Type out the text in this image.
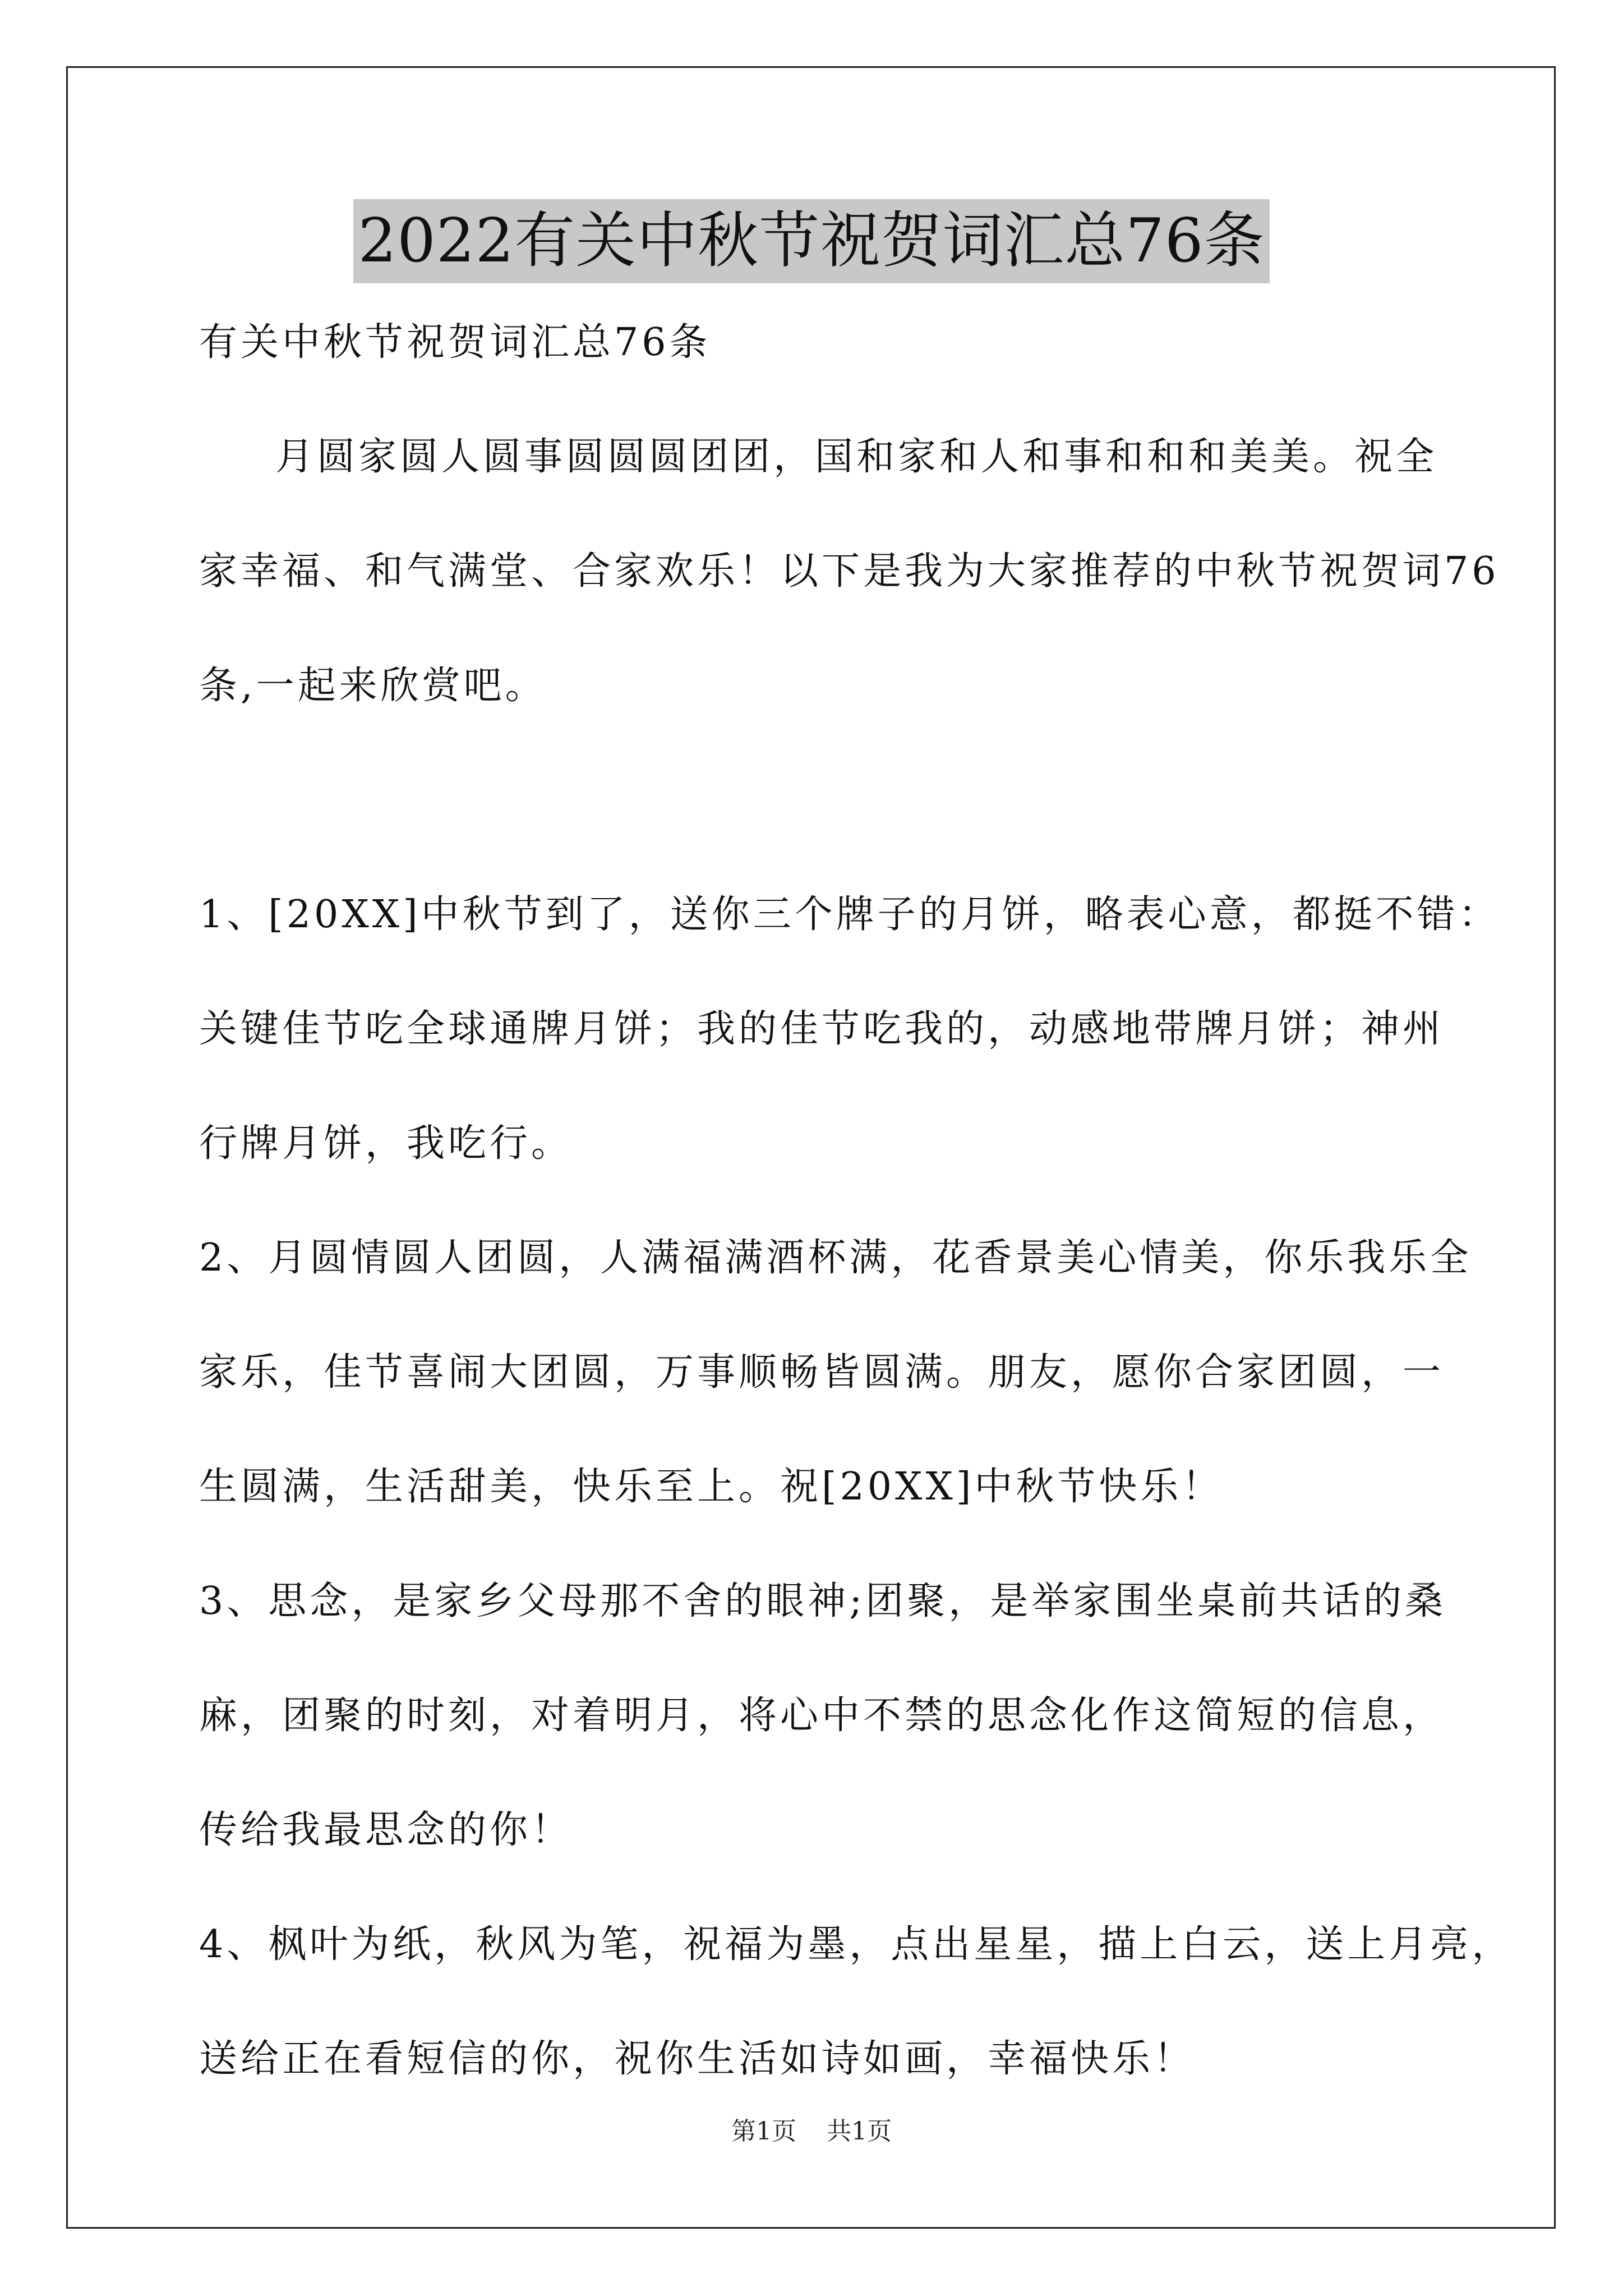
2022有关中秋节祝贺词汇总76条
有关中秋节祝贺词汇总76条
月圆家圆人圆事圆圆圆团团，国和家和人和事和和和美美。祝全
家幸福、和气满堂、合家欢乐！以下是我为大家推荐的中秋节祝贺词76
条,一起来欣赏吧。
1、[20XX]中秋节到了，送你三个牌子的月饼，略表心意，都挺不错：
关键佳节吃全球通牌月饼；我的佳节吃我的，动感地带牌月饼；神州
行牌月饼，我吃行。
2、月圆情圆人团圆，人满福满酒杯满，花香景美心情美，你乐我乐全
家乐，佳节喜闹大团圆，万事顺畅皆圆满。朋友，愿你合家团圆，一
生圆满，生活甜美，快乐至上。祝[20XX]中秋节快乐！
3、思念，是家乡父母那不舍的眼神;团聚，是举家围坐桌前共话的桑
麻，团聚的时刻，对着明月，将心中不禁的思念化作这简短的信息，
传给我最思念的你！
4、枫叶为纸，秋风为笔，祝福为墨，点出星星，描上白云，送上月亮，
送给正在看短信的你，祝你生活如诗如画，幸福快乐！
第1页 共1页
